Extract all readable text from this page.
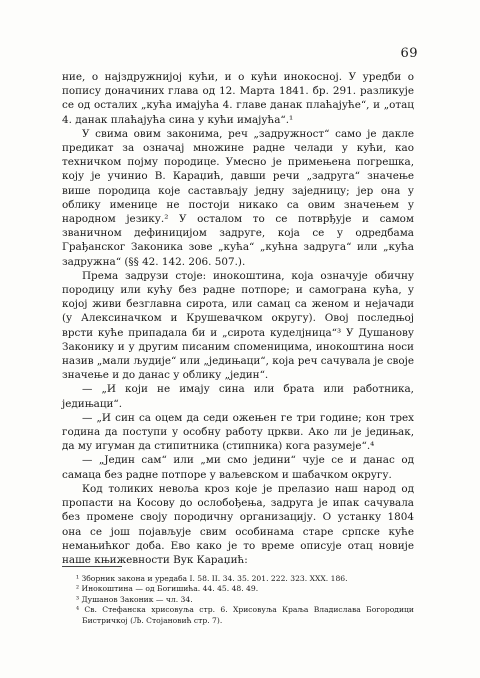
69

ниe, о најздружнијој кући, и о кући инокосној. У уредби о попису доначиних глава од 12. Марта 1841. бр. 291. разликује се од осталих „кућа имајућа 4. главе данак плаћајуће“, и „отац 4. данак плаћајућа сина у кући имајућа“.¹

У свима овим законима, реч „задружност“ само је дакле предикат за означај множине радне челади у кући, као техничком појму породице. Умесно је примењена погрешка, коју је учинио В. Караџић, давши речи „задруга“ значење више породица које састављају једну заједницу; јер она у облику именице не постоји никако са овим значењем у народном језику.² У осталом то се потврђује и самом званичном дефиницијом задруге, која се у одредбама Грађанског Законика зове „кућа“ „кућна задруга“ или „кућа задружна“ (§§ 42. 142. 206. 507.).

Према задрузи стоје: инокоштина, која означује обичну породицу или кућу без радне потпоре; и самограна кућа, у којој живи безглавна сирота, или самац са женом и нејачади (у Алексиначком и Крушевачком округу). Овој последњој врсти куће припадала би и „сирота куделјница“³ У Душанову Законику и у другим писаним споменицима, инокоштина носи назив „мали људије“ или „једињаци“, која реч сачувала је своје значење и до данас у облику „једин“.

— „И који не имају сина или брата или работника, једињаци“.

— „И син са оцем да седи ожењен ге три године; кон трех година да поступи у особну работу цркви. Ако ли је једињак, да му игуман да стипитника (стипника) кога разумеје“.⁴

— „Једин сам“ или „ми смо једини“ чује се и данас од самаца без радне потпоре у ваљевском и шабачком округу.

Код толиких невоља кроз које је прелазио наш народ од пропасти на Косову до ослобођења, задруга је ипак сачувала без промене своју породичну организацију. О устанку 1804 она се још појављује свим особинама старе српске куће немањићког доба. Ево како је то време описује отац новије наше књижевности Вук Караџић:

¹ Зборник закона и уредаба I. 58. II. 34. 35. 201. 222. 323. XXX. 186.
² Инокоштина — од Богишића. 44. 45. 48. 49.
³ Душанов Законик — чл. 34.
⁴ Св. Стефанска хрисовуља стр. 6. Хрисовуља Краља Владислава Богородици Бистричкој (Љ. Стојановић стр. 7).
